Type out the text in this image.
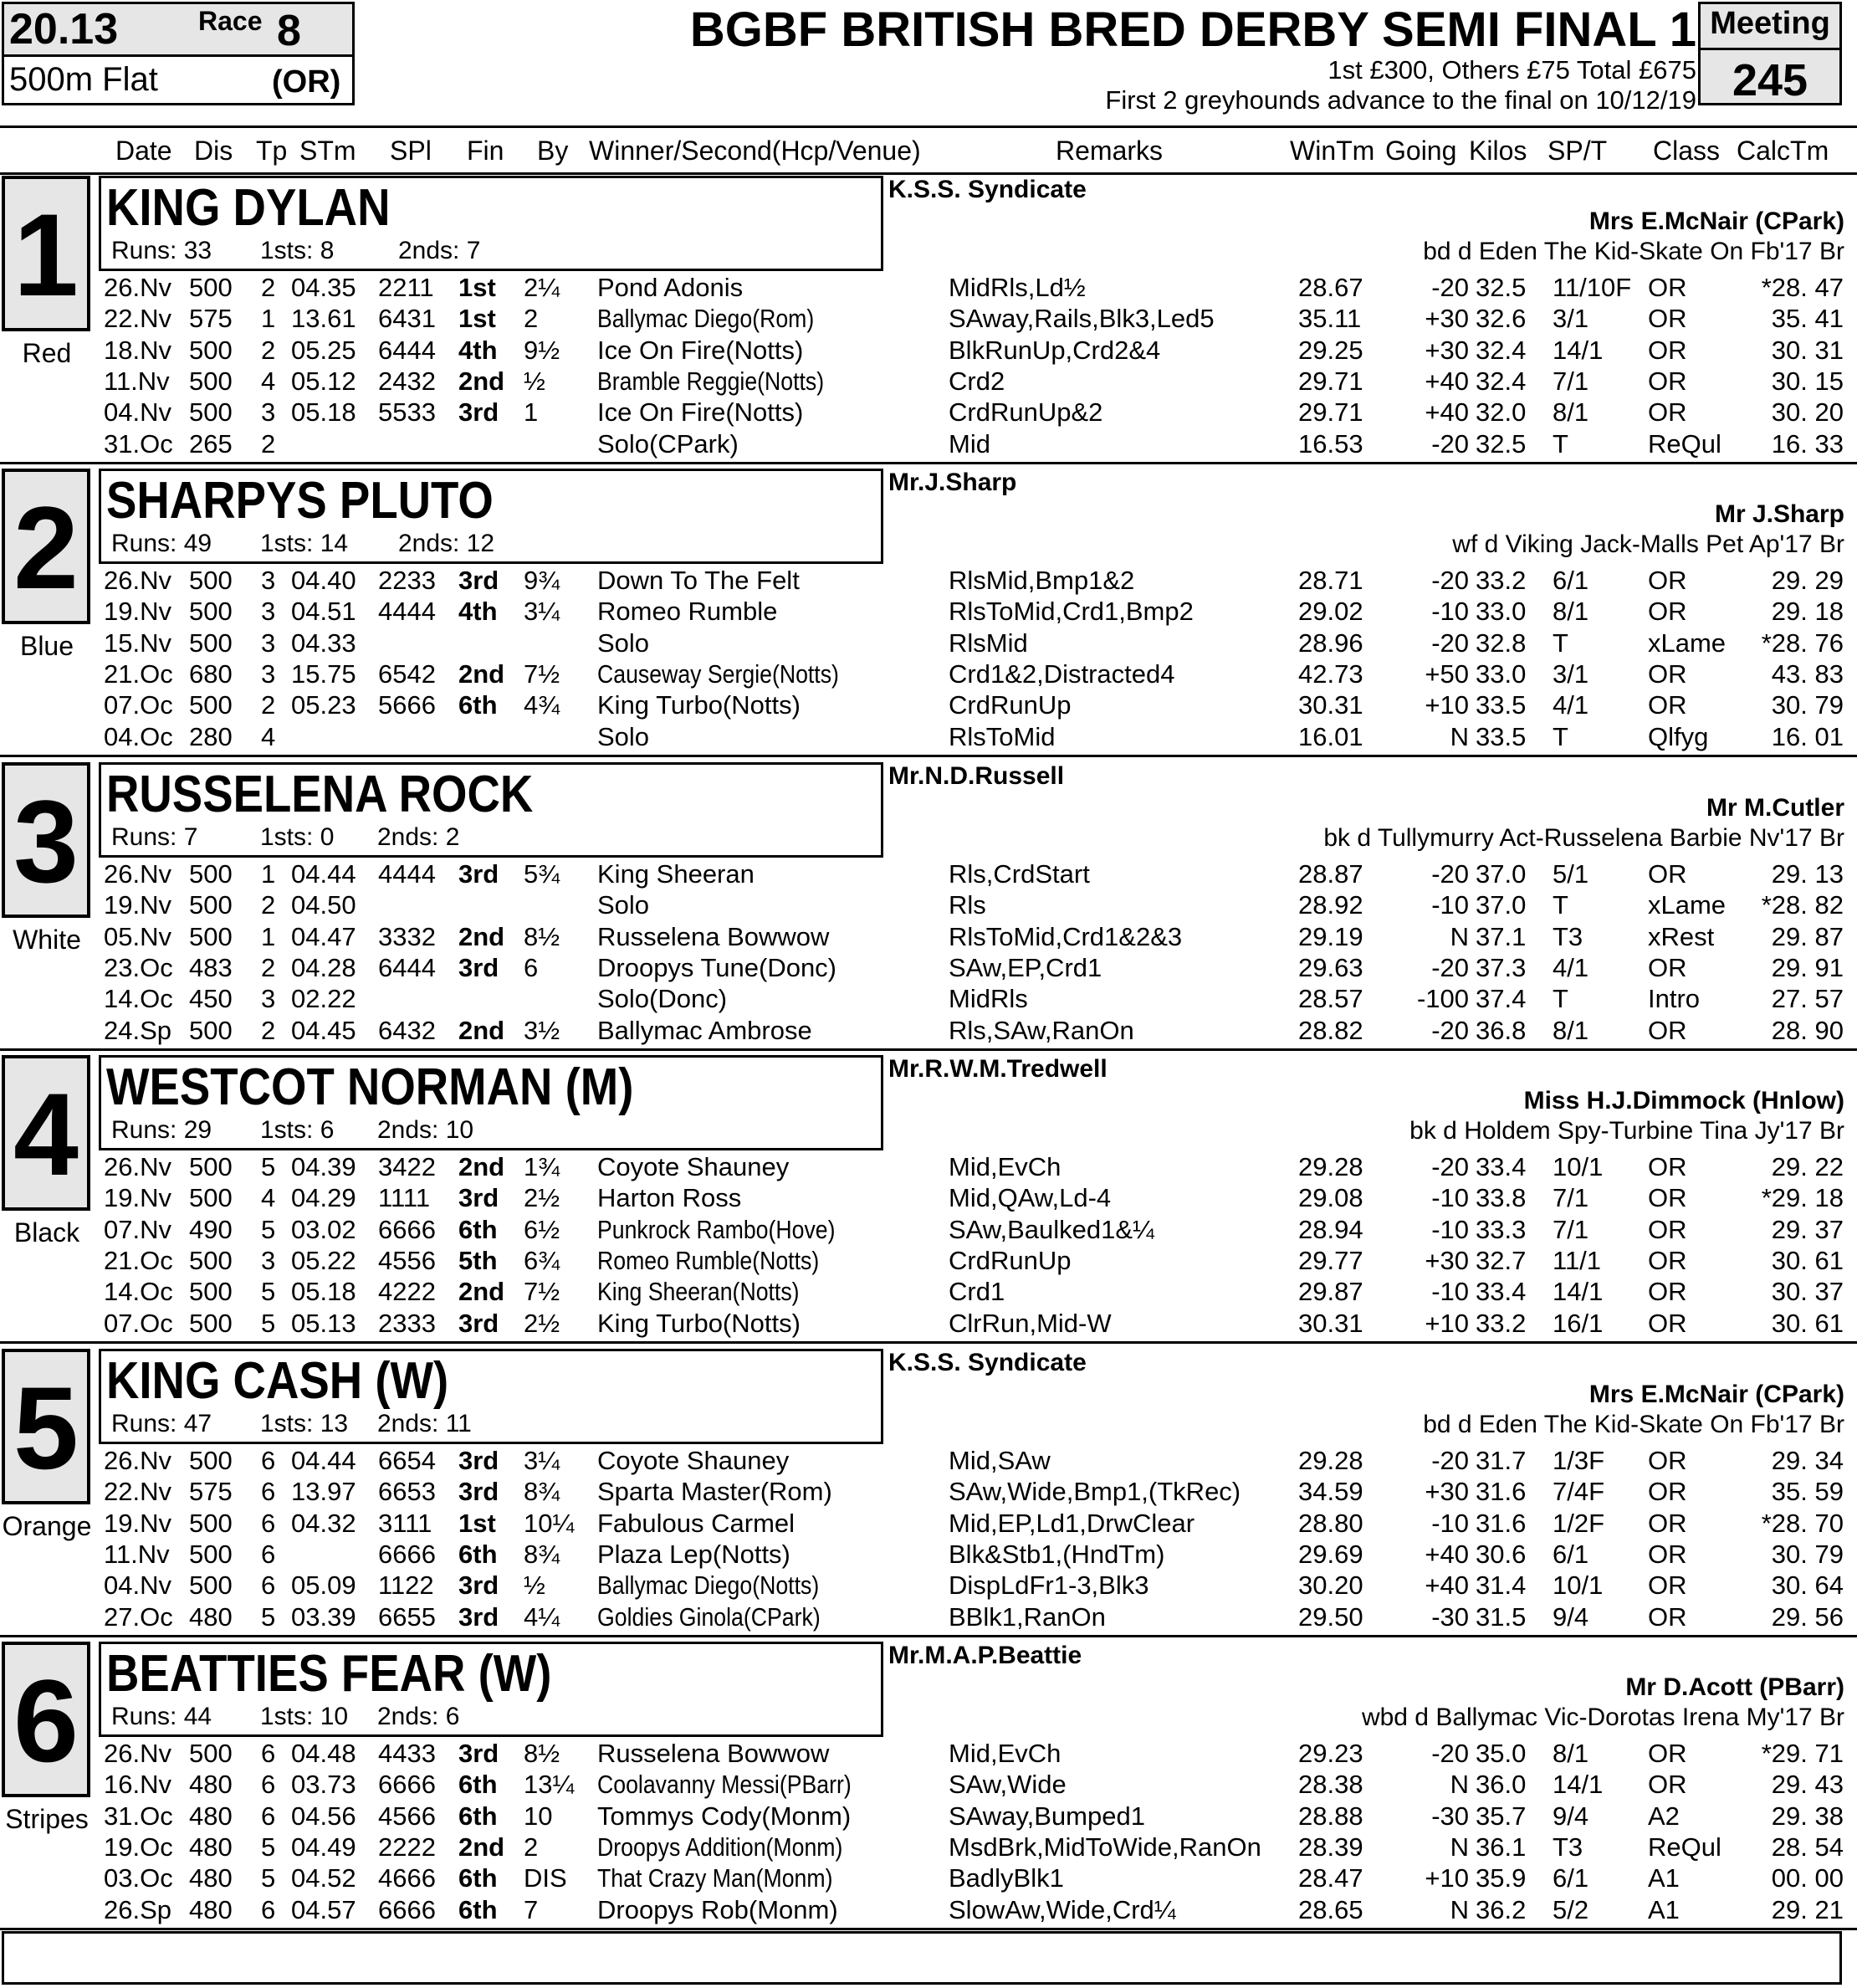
20.13	Race 8
500m Flat	(OR)
BGBF BRITISH BRED DERBY SEMI FINAL 1
1st £300, Others £75 Total £675
First 2 greyhounds advance to the final on 10/12/19
Meeting
245
Date Dis Tp STm SPl Fin By Winner/Second(Hcp/Venue)	Remarks	WinTm Going Kilos SP/T Class CalcTm
1
Red
KING DYLAN
Runs: 33 1sts: 8	2nds: 7
K.S.S. Syndicate
Mrs E.McNair (CPark)
bd d Eden The Kid-Skate On Fb'17 Br
26.Nv 500 2 04.35 2211 1st 2¼ Pond Adonis	MidRls,Ld½	28.67	-20 32.5 11/10F OR	*28. 47
22.Nv 575 1 13.61 6431 1st 2 Ballymac Diego(Rom)	SAway,Rails,Blk3,Led5	35.11 +30 32.6 3/1 OR	35. 41
18.Nv 500 2 05.25 6444 4th 9½ Ice On Fire(Notts)	BlkRunUp,Crd2&4	29.25 +30 32.4 14/1 OR	30. 31
11.Nv 500 4 05.12 2432 2nd ½ Bramble Reggie(Notts)	Crd2	29.71 +40 32.4 7/1 OR	30. 15
04.Nv 500 3 05.18 5533 3rd 1 Ice On Fire(Notts)	CrdRunUp&2	29.71 +40 32.0 8/1 OR	30. 20
31.Oc 265 2	Solo(CPark)	Mid	16.53	-20 32.5 T	ReQul 16. 33
2
Blue
SHARPYS PLUTO
Runs: 49 1sts: 14 2nds: 12
Mr.J.Sharp
Mr J.Sharp
wf d Viking Jack-Malls Pet Ap'17 Br
26.Nv 500 3 04.40 2233 3rd 9¾ Down To The Felt	RlsMid,Bmp1&2	28.71	-20 33.2 6/1 OR	29. 29
19.Nv 500 3 04.51 4444 4th 3¼ Romeo Rumble	RlsToMid,Crd1,Bmp2	29.02	-10 33.0 8/1 OR	29. 18
15.Nv 500 3 04.33	Solo	RlsMid	28.96	-20 32.8 T	xLame *28. 76
21.Oc 680 3 15.75 6542 2nd 7½ Causeway Sergie(Notts)	Crd1&2,Distracted4	42.73 +50 33.0 3/1 OR	43. 83
07.Oc 500 2 05.23 5666 6th 4¾ King Turbo(Notts)	CrdRunUp	30.31 +10 33.5 4/1 OR	30. 79
04.Oc 280 4	Solo	RlsToMid	16.01	N 33.5 T	Qlfyg 16. 01
3
White
RUSSELENA ROCK
Runs: 7 1sts: 0 2nds: 2
Mr.N.D.Russell
Mr M.Cutler
bk d Tullymurry Act-Russelena Barbie Nv'17 Br
26.Nv 500 1 04.44 4444 3rd 5¾ King Sheeran	Rls,CrdStart	28.87	-20 37.0 5/1 OR	29. 13
19.Nv 500 2 04.50	Solo	Rls	28.92	-10 37.0 T	xLame *28. 82
05.Nv 500 1 04.47 3332 2nd 8½ Russelena Bowwow	RlsToMid,Crd1&2&3	29.19	N 37.1 T3	xRest 29. 87
23.Oc 483 2 04.28 6444 3rd 6 Droopys Tune(Donc)	SAw,EP,Crd1	29.63	-20 37.3 4/1 OR	29. 91
14.Oc 450 3 02.22	Solo(Donc)	MidRls	28.57 -100 37.4 T	Intro	27. 57
24.Sp 500 2 04.45 6432 2nd 3½ Ballymac Ambrose	Rls,SAw,RanOn	28.82	-20 36.8 8/1 OR	28. 90
4
Black
WESTCOT NORMAN (M)
Runs: 29 1sts: 6 2nds: 10
Mr.R.W.M.Tredwell
Miss H.J.Dimmock (Hnlow)
bk d Holdem Spy-Turbine Tina Jy'17 Br
26.Nv 500 5 04.39 3422 2nd 1¾ Coyote Shauney	Mid,EvCh	29.28	-20 33.4 10/1 OR	29. 22
19.Nv 500 4 04.29 1111 3rd 2½ Harton Ross	Mid,QAw,Ld-4	29.08	-10 33.8 7/1 OR	*29. 18
07.Nv 490 5 03.02 6666 6th 6½ Punkrock Rambo(Hove)	SAw,Baulked1&¼	28.94	-10 33.3 7/1 OR	29. 37
21.Oc 500 3 05.22 4556 5th 6¾ Romeo Rumble(Notts)	CrdRunUp	29.77 +30 32.7 11/1 OR	30. 61
14.Oc 500 5 05.18 4222 2nd 7½ King Sheeran(Notts)	Crd1	29.87	-10 33.4 14/1 OR	30. 37
07.Oc 500 5 05.13 2333 3rd 2½ King Turbo(Notts)	ClrRun,Mid-W	30.31 +10 33.2 16/1 OR	30. 61
5
Orange
KING CASH (W)
Runs: 47 1sts: 13 2nds: 11
K.S.S. Syndicate
Mrs E.McNair (CPark)
bd d Eden The Kid-Skate On Fb'17 Br
26.Nv 500 6 04.44 6654 3rd 3¼ Coyote Shauney	Mid,SAw	29.28	-20 31.7 1/3F OR	29. 34
22.Nv 575 6 13.97 6653 3rd 8¾ Sparta Master(Rom)	SAw,Wide,Bmp1,(TkRec) 34.59 +30 31.6 7/4F OR	35. 59
19.Nv 500 6 04.32 3111 1st 10¼ Fabulous Carmel	Mid,EP,Ld1,DrwClear	28.80	-10 31.6 1/2F OR	*28. 70
11.Nv 500 6	6666 6th 8¾ Plaza Lep(Notts)	Blk&Stb1,(HndTm)	29.69 +40 30.6 6/1 OR	30. 79
04.Nv 500 6 05.09 1122 3rd ½ Ballymac Diego(Notts)	DispLdFr1-3,Blk3	30.20 +40 31.4 10/1 OR	30. 64
27.Oc 480 5 03.39 6655 3rd 4¼ Goldies Ginola(CPark)	BBlk1,RanOn	29.50	-30 31.5 9/4 OR	29. 56
6
Stripes
BEATTIES FEAR (W)
Runs: 44 1sts: 10 2nds: 6
Mr.M.A.P.Beattie
Mr D.Acott (PBarr)
wbd d Ballymac Vic-Dorotas Irena My'17 Br
26.Nv 500 6 04.48 4433 3rd 8½ Russelena Bowwow	Mid,EvCh	29.23	-20 35.0 8/1 OR	*29. 71
16.Nv 480 6 03.73 6666 6th 13¼ Coolavanny Messi(PBarr)	SAw,Wide	28.38	N 36.0 14/1 OR	29. 43
31.Oc 480 6 04.56 4566 6th 10 Tommys Cody(Monm)	SAway,Bumped1	28.88	-30 35.7 9/4 A2	29. 38
19.Oc 480 5 04.49 2222 2nd 2 Droopys Addition(Monm)	MsdBrk,MidToWide,RanOn 28.39	N 36.1 T3	ReQul 28. 54
03.Oc 480 5 04.52 4666 6th DIS That Crazy Man(Monm)	BadlyBlk1	28.47 +10 35.9 6/1 A1	00. 00
26.Sp 480 6 04.57 6666 6th 7 Droopys Rob(Monm)	SlowAw,Wide,Crd¼	28.65	N 36.2 5/2 A1	29. 21
